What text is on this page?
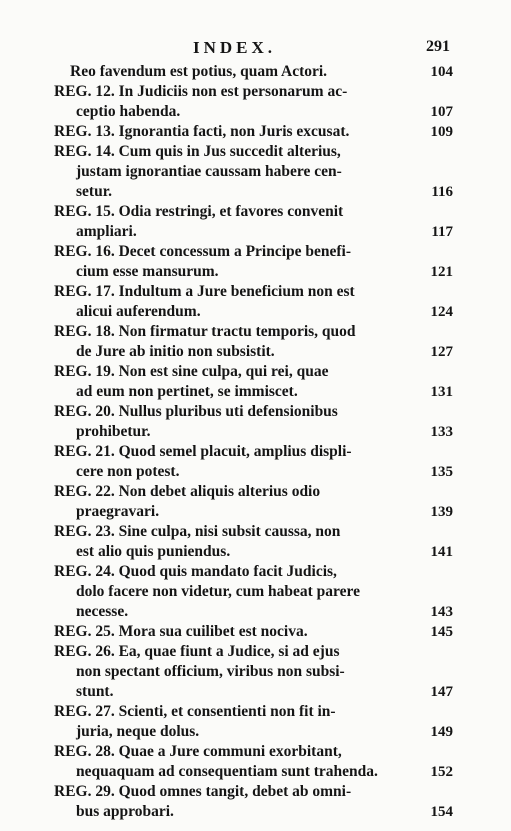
INDEX.	291
Reo favendum est potius, quam Actori.	104
REG. 12. In Judiciis non est personarum ac-
ceptio habenda.	107
REG. 13. Ignorantia facti, non Juris excusat.	109
REG. 14. Cum quis in Jus succedit alterius,
justam ignorantiae caussam habere cen-
setur.	116
REG. 15. Odia restringi, et favores convenit
ampliari.	117
REG. 16. Decet concessum a Principe benefi-
cium esse mansurum.	121
REG. 17. Indultum a Jure beneficium non est
alicui auferendum.	124
REG. 18. Non firmatur tractu temporis, quod
de Jure ab initio non subsistit.	127
REG. 19. Non est sine culpa, qui rei, quae
ad eum non pertinet, se immiscet.	131
REG. 20. Nullus pluribus uti defensionibus
prohibetur.	133
REG. 21. Quod semel placuit, amplius displi-
cere non potest.	135
REG. 22. Non debet aliquis alterius odio
praegravari.	139
REG. 23. Sine culpa, nisi subsit caussa, non
est alio quis puniendus.	141
REG. 24. Quod quis mandato facit Judicis,
dolo facere non videtur, cum habeat parere
necesse.	143
REG. 25. Mora sua cuilibet est nociva.	145
REG. 26. Ea, quae fiunt a Judice, si ad ejus
non spectant officium, viribus non subsi-
stunt.	147
REG. 27. Scienti, et consentienti non fit in-
juria, neque dolus.	149
REG. 28. Quae a Jure communi exorbitant,
nequaquam ad consequentiam sunt trahenda.	152
REG. 29. Quod omnes tangit, debet ab omni-
bus approbari.	154
